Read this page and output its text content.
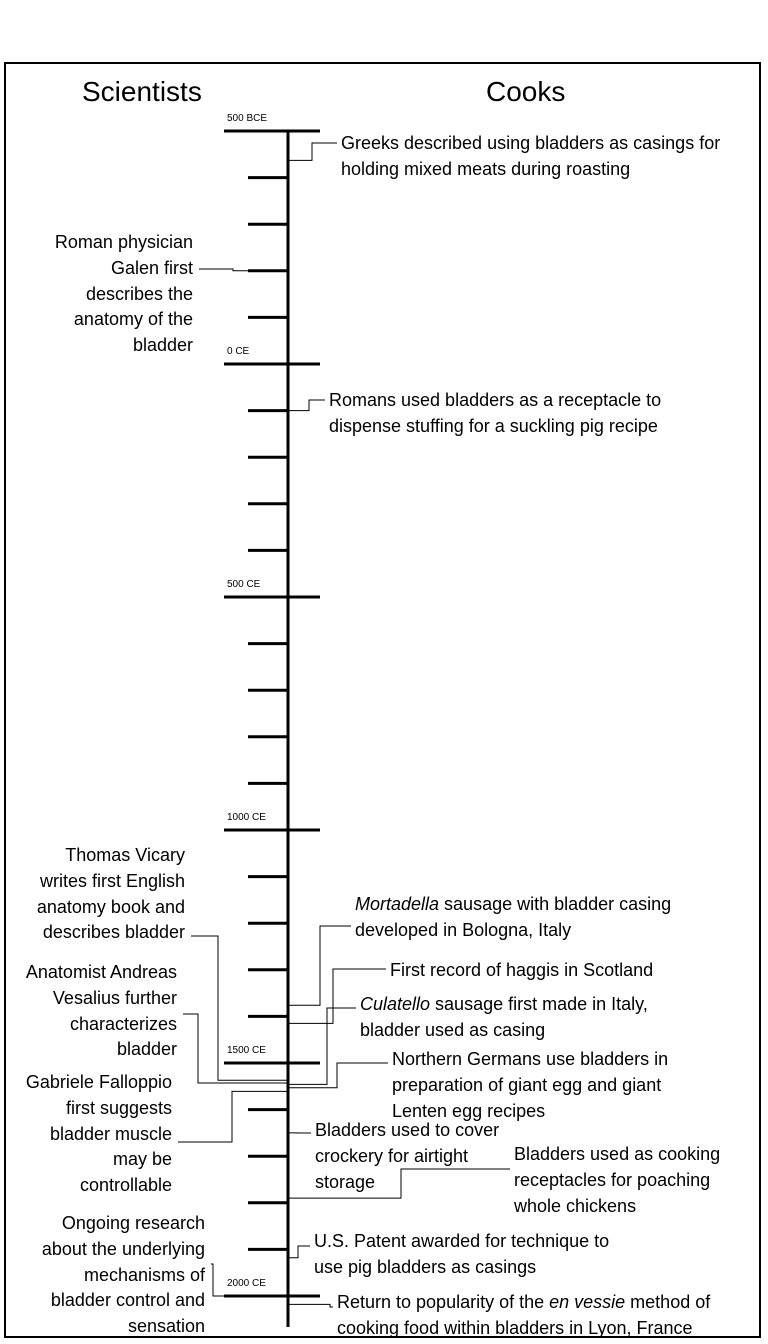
Scientists	Cooks
500 BCE
0 CE
500 CE
1000 CE
1500 CE
2000 CE
Roman physician
Galen first
describes the
anatomy of the
bladder
Thomas Vicary
writes first English
anatomy book and
describes bladder
Anatomist Andreas
Vesalius further
characterizes
bladder
Gabriele Falloppio
first suggests
bladder muscle
may be
controllable
Ongoing research
about the underlying
mechanisms of
bladder control and
sensation
Greeks described using bladders as casings for
holding mixed meats during roasting
Romans used bladders as a receptacle to
dispense stuffing for a suckling pig recipe
Mortadella sausage with bladder casing
developed in Bologna, Italy
First record of haggis in Scotland
Culatello sausage first made in Italy,
bladder used as casing
Northern Germans use bladders in
preparation of giant egg and giant
Lenten egg recipes
Bladders used to cover
crockery for airtight
storage
Bladders used as cooking
receptacles for poaching
whole chickens
U.S. Patent awarded for technique to
use pig bladders as casings
Return to popularity of the en vessie method of
cooking food within bladders in Lyon, France
